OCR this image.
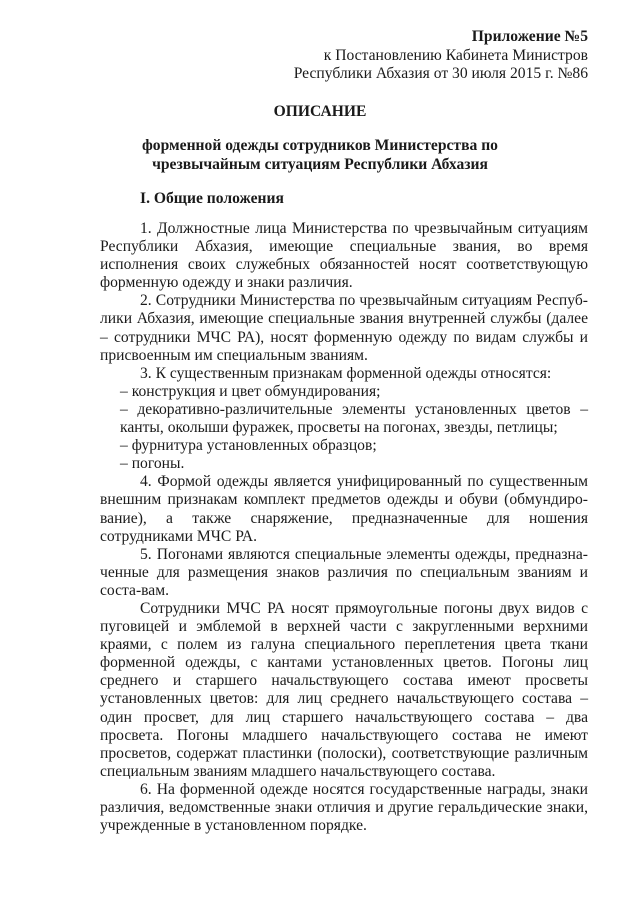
Приложение №5
к Постановлению Кабинета Министров
Республики Абхазия от 30 июля 2015 г. №86
ОПИСАНИЕ
форменной одежды сотрудников Министерства по
чрезвычайным ситуациям Республики Абхазия
I. Общие положения

1. Должностные лица Министерства по чрезвычайным ситуациям Республики Абхазия, имеющие специальные звания, во время исполнения своих служебных обязанностей носят соответствующую форменную одежду и знаки различия.

2. Сотрудники Министерства по чрезвычайным ситуациям Респуб-лики Абхазия, имеющие специальные звания внутренней службы (далее – сотрудники МЧС РА), носят форменную одежду по видам службы и присвоенным им специальным званиям.

3. К существенным признакам форменной одежды относятся:

– конструкция и цвет обмундирования;
– декоративно-различительные элементы установленных цветов – канты, околыши фуражек, просветы на погонах, звезды, петлицы;
– фурнитура установленных образцов;
– погоны.

4. Формой одежды является унифицированный по существенным внешним признакам комплект предметов одежды и обуви (обмундиро-вание), а также снаряжение, предназначенные для ношения сотрудниками МЧС РА.

5. Погонами являются специальные элементы одежды, предназна-ченные для размещения знаков различия по специальным званиям и соста-вам.

Сотрудники МЧС РА носят прямоугольные погоны двух видов с пуговицей и эмблемой в верхней части с закругленными верхними краями, с полем из галуна специального переплетения цвета ткани форменной одежды, с кантами установленных цветов. Погоны лиц среднего и старшего начальствующего состава имеют просветы установленных цветов: для лиц среднего начальствующего состава – один просвет, для лиц старшего начальствующего состава – два просвета. Погоны младшего начальствующего состава не имеют просветов, содержат пластинки (полоски), соответствующие различным специальным званиям младшего начальствующего состава.

6. На форменной одежде носятся государственные награды, знаки различия, ведомственные знаки отличия и другие геральдические знаки, учрежденные в установленном порядке.
